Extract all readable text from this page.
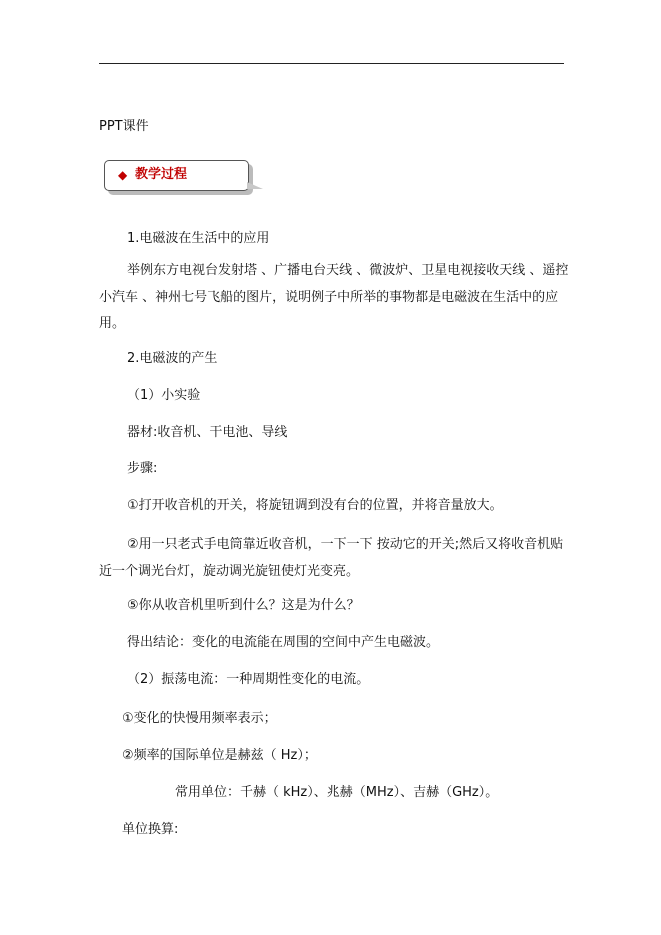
PPT课件
◆ 教学过程
1.电磁波在生活中的应用
举例东方电视台发射塔 、广播电台天线 、微波炉、卫星电视接收天线 、遥控小汽车 、神州七号飞船的图片，说明例子中所举的事物都是电磁波在生活中的应用。
2.电磁波的产生
（1）小实验
器材:收音机、干电池、导线
步骤:
①打开收音机的开关，将旋钮调到没有台的位置，并将音量放大。
②用一只老式手电筒靠近收音机，一下一下 按动它的开关;然后又将收音机贴近一个调光台灯，旋动调光旋钮使灯光变亮。
⑤你从收音机里听到什么？这是为什么？
得出结论：变化的电流能在周围的空间中产生电磁波。
（2）振荡电流：一种周期性变化的电流。
①变化的快慢用频率表示；
②频率的国际单位是赫兹（ Hz）；
常用单位：千赫（ kHz）、兆赫（MHz）、吉赫（GHz）。
单位换算:
